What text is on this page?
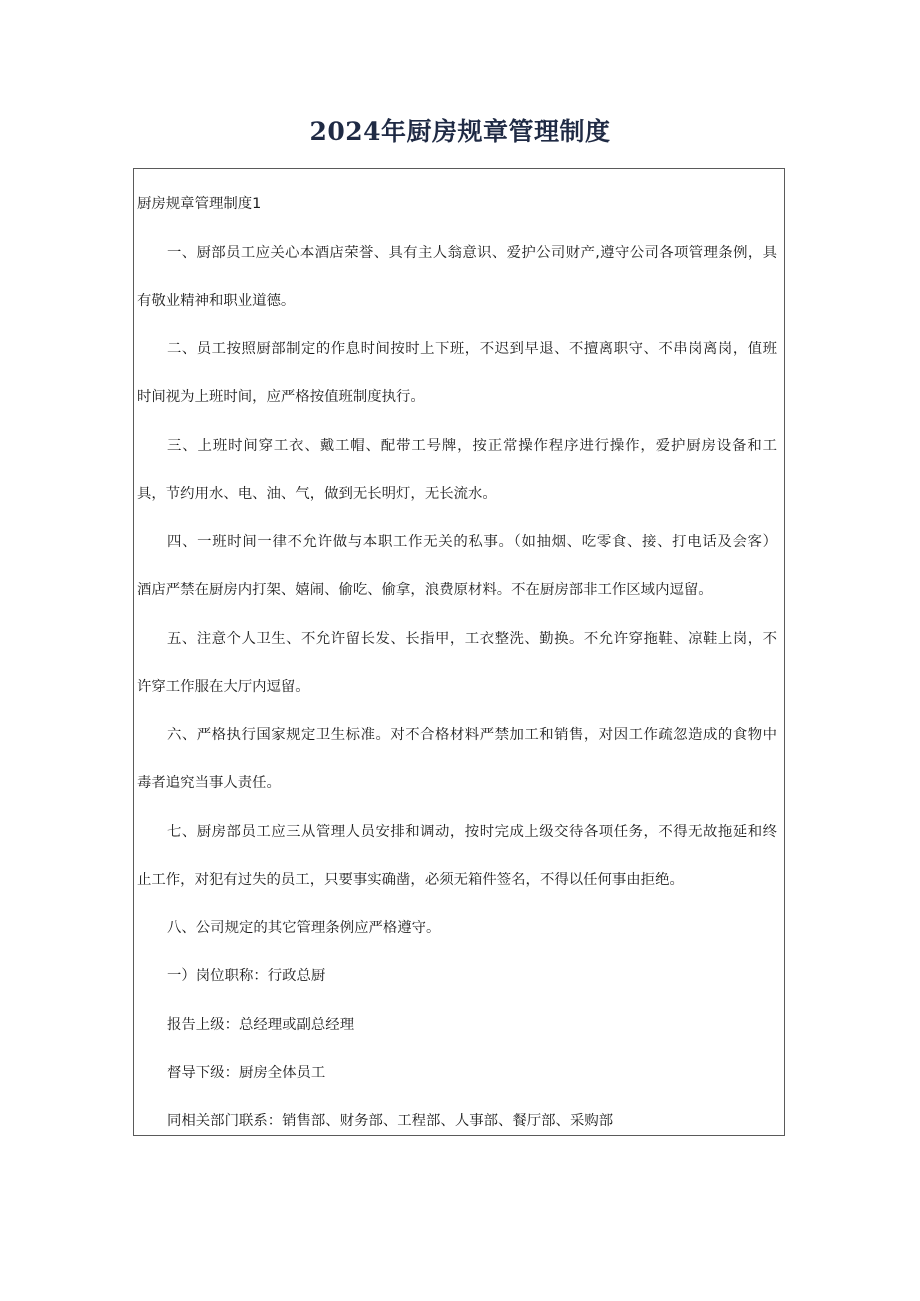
2024年厨房规章管理制度
厨房规章管理制度1
一、厨部员工应关心本酒店荣誉、具有主人翁意识、爱护公司财产,遵守公司各项管理条例，具
有敬业精神和职业道德。
二、员工按照厨部制定的作息时间按时上下班，不迟到早退、不擅离职守、不串岗离岗，值班
时间视为上班时间，应严格按值班制度执行。
三、上班时间穿工衣、戴工帽、配带工号牌，按正常操作程序进行操作，爱护厨房设备和工
具，节约用水、电、油、气，做到无长明灯，无长流水。
四、一班时间一律不允许做与本职工作无关的私事。（如抽烟、吃零食、接、打电话及会客）
酒店严禁在厨房内打架、嬉闹、偷吃、偷拿，浪费原材料。不在厨房部非工作区域内逗留。
五、注意个人卫生、不允许留长发、长指甲，工衣整洗、勤换。不允许穿拖鞋、凉鞋上岗，不
许穿工作服在大厅内逗留。
六、严格执行国家规定卫生标准。对不合格材料严禁加工和销售，对因工作疏忽造成的食物中
毒者追究当事人责任。
七、厨房部员工应三从管理人员安排和调动，按时完成上级交待各项任务，不得无故拖延和终
止工作，对犯有过失的员工，只要事实确凿，必须无箱件签名，不得以任何事由拒绝。
八、公司规定的其它管理条例应严格遵守。
一）岗位职称：行政总厨
报告上级：总经理或副总经理
督导下级：厨房全体员工
同相关部门联系：销售部、财务部、工程部、人事部、餐厅部、采购部
